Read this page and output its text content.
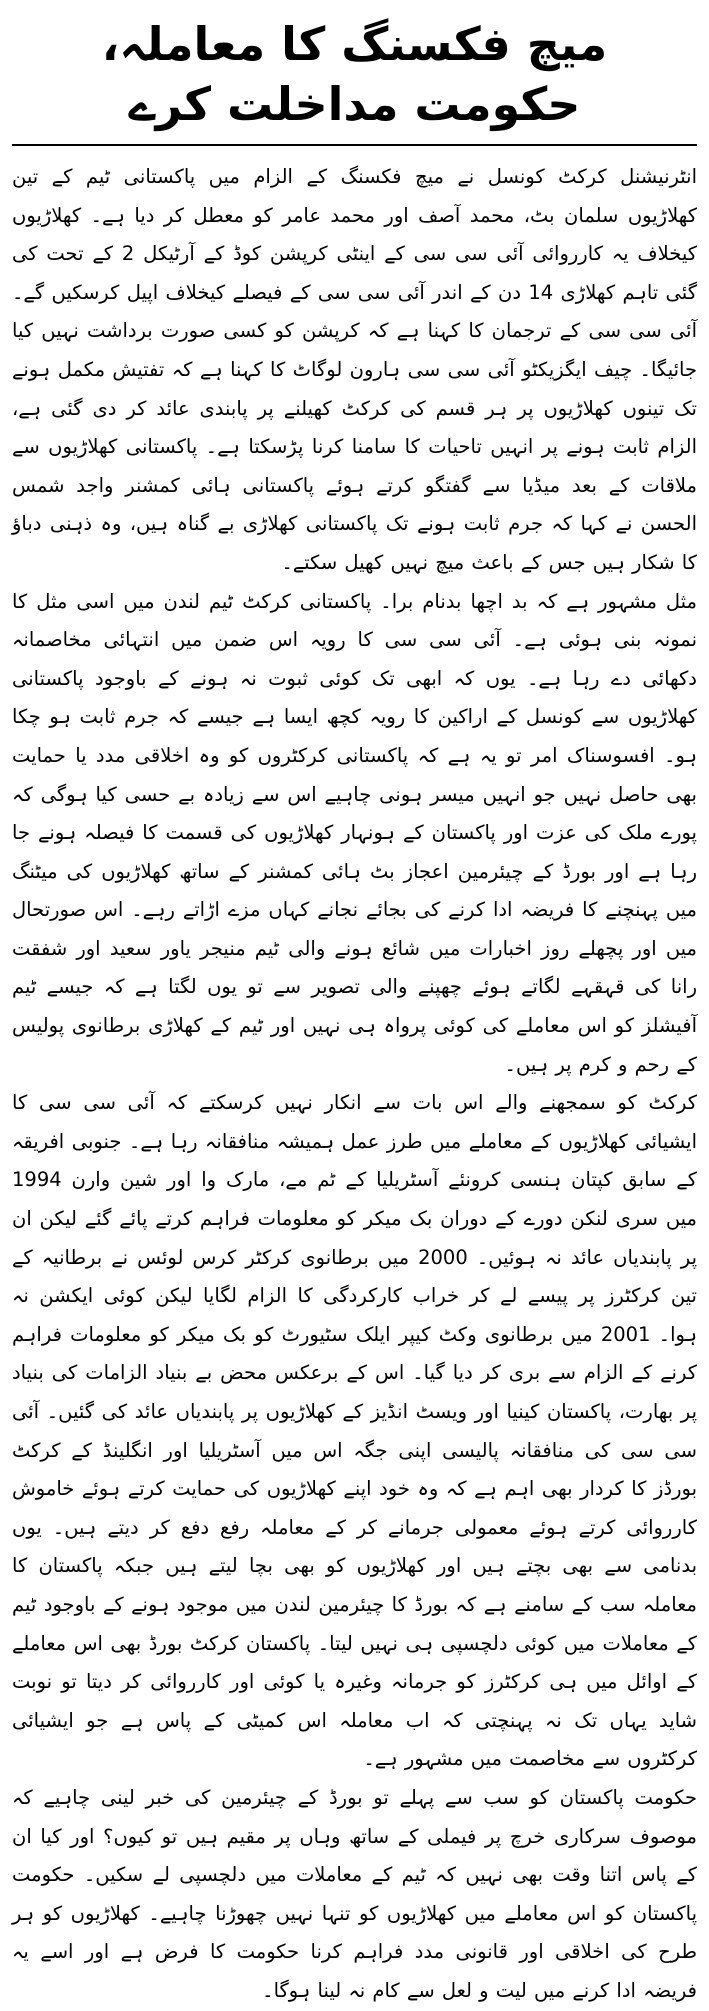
میچ فکسنگ کا معاملہ، حکومت مداخلت کرے

انٹرنیشنل کرکٹ کونسل نے میچ فکسنگ کے الزام میں پاکستانی ٹیم کے تین کھلاڑیوں سلمان بٹ، محمد آصف اور محمد عامر کو معطل کر دیا ہے۔ کھلاڑیوں کیخلاف یہ کارروائی آئی سی سی کے اینٹی کرپشن کوڈ کے آرٹیکل 2 کے تحت کی گئی تاہم کھلاڑی 14 دن کے اندر آئی سی سی کے فیصلے کیخلاف اپیل کرسکیں گے۔ آئی سی سی کے ترجمان کا کہنا ہے کہ کرپشن کو کسی صورت برداشت نہیں کیا جائیگا۔ چیف ایگزیکٹو آئی سی سی ہارون لوگاٹ کا کہنا ہے کہ تفتیش مکمل ہونے تک تینوں کھلاڑیوں پر ہر قسم کی کرکٹ کھیلنے پر پابندی عائد کر دی گئی ہے، الزام ثابت ہونے پر انہیں تاحیات کا سامنا کرنا پڑسکتا ہے۔ پاکستانی کھلاڑیوں سے ملاقات کے بعد میڈیا سے گفتگو کرتے ہوئے پاکستانی ہائی کمشنر واجد شمس الحسن نے کہا کہ جرم ثابت ہونے تک پاکستانی کھلاڑی بے گناہ ہیں، وہ ذہنی دباؤ کا شکار ہیں جس کے باعث میچ نہیں کھیل سکتے۔

مثل مشہور ہے کہ بد اچھا بدنام برا۔ پاکستانی کرکٹ ٹیم لندن میں اسی مثل کا نمونہ بنی ہوئی ہے۔ آئی سی سی کا رویہ اس ضمن میں انتہائی مخاصمانہ دکھائی دے رہا ہے۔ یوں کہ ابھی تک کوئی ثبوت نہ ہونے کے باوجود پاکستانی کھلاڑیوں سے کونسل کے اراکین کا رویہ کچھ ایسا ہے جیسے کہ جرم ثابت ہو چکا ہو۔ افسوسناک امر تو یہ ہے کہ پاکستانی کرکٹروں کو وہ اخلاقی مدد یا حمایت بھی حاصل نہیں جو انہیں میسر ہونی چاہیے اس سے زیادہ بے حسی کیا ہوگی کہ پورے ملک کی عزت اور پاکستان کے ہونہار کھلاڑیوں کی قسمت کا فیصلہ ہونے جا رہا ہے اور بورڈ کے چیئرمین اعجاز بٹ ہائی کمشنر کے ساتھ کھلاڑیوں کی میٹنگ میں پہنچنے کا فریضہ ادا کرنے کی بجائے نجانے کہاں مزے اڑاتے رہے۔ اس صورتحال میں اور پچھلے روز اخبارات میں شائع ہونے والی ٹیم منیجر یاور سعید اور شفقت رانا کی قہقہے لگاتے ہوئے چھپنے والی تصویر سے تو یوں لگتا ہے کہ جیسے ٹیم آفیشلز کو اس معاملے کی کوئی پرواہ ہی نہیں اور ٹیم کے کھلاڑی برطانوی پولیس کے رحم و کرم پر ہیں۔

کرکٹ کو سمجھنے والے اس بات سے انکار نہیں کرسکتے کہ آئی سی سی کا ایشیائی کھلاڑیوں کے معاملے میں طرز عمل ہمیشہ منافقانہ رہا ہے۔ جنوبی افریقہ کے سابق کپتان ہنسی کرونئے آسٹریلیا کے ٹم مے، مارک وا اور شین وارن 1994 میں سری لنکن دورے کے دوران بک میکر کو معلومات فراہم کرتے پائے گئے لیکن ان پر پابندیاں عائد نہ ہوئیں۔ 2000 میں برطانوی کرکٹر کرس لوئس نے برطانیہ کے تین کرکٹرز پر پیسے لے کر خراب کارکردگی کا الزام لگایا لیکن کوئی ایکشن نہ ہوا۔ 2001 میں برطانوی وکٹ کیپر ایلک سٹیورٹ کو بک میکر کو معلومات فراہم کرنے کے الزام سے بری کر دیا گیا۔ اس کے برعکس محض بے بنیاد الزامات کی بنیاد پر بھارت، پاکستان کینیا اور ویسٹ انڈیز کے کھلاڑیوں پر پابندیاں عائد کی گئیں۔ آئی سی سی کی منافقانہ پالیسی اپنی جگہ اس میں آسٹریلیا اور انگلینڈ کے کرکٹ بورڈز کا کردار بھی اہم ہے کہ وہ خود اپنے کھلاڑیوں کی حمایت کرتے ہوئے خاموش کارروائی کرتے ہوئے معمولی جرمانے کر کے معاملہ رفع دفع کر دیتے ہیں۔ یوں بدنامی سے بھی بچتے ہیں اور کھلاڑیوں کو بھی بچا لیتے ہیں جبکہ پاکستان کا معاملہ سب کے سامنے ہے کہ بورڈ کا چیئرمین لندن میں موجود ہونے کے باوجود ٹیم کے معاملات میں کوئی دلچسپی ہی نہیں لیتا۔ پاکستان کرکٹ بورڈ بھی اس معاملے کے اوائل میں ہی کرکٹرز کو جرمانہ وغیرہ یا کوئی اور کارروائی کر دیتا تو نوبت شاید یہاں تک نہ پہنچتی کہ اب معاملہ اس کمیٹی کے پاس ہے جو ایشیائی کرکٹروں سے مخاصمت میں مشہور ہے۔

حکومت پاکستان کو سب سے پہلے تو بورڈ کے چیئرمین کی خبر لینی چاہیے کہ موصوف سرکاری خرچ پر فیملی کے ساتھ وہاں پر مقیم ہیں تو کیوں؟ اور کیا ان کے پاس اتنا وقت بھی نہیں کہ ٹیم کے معاملات میں دلچسپی لے سکیں۔ حکومت پاکستان کو اس معاملے میں کھلاڑیوں کو تنہا نہیں چھوڑنا چاہیے۔ کھلاڑیوں کو ہر طرح کی اخلاقی اور قانونی مدد فراہم کرنا حکومت کا فرض ہے اور اسے یہ فریضہ ادا کرنے میں لیت و لعل سے کام نہ لینا ہوگا۔
